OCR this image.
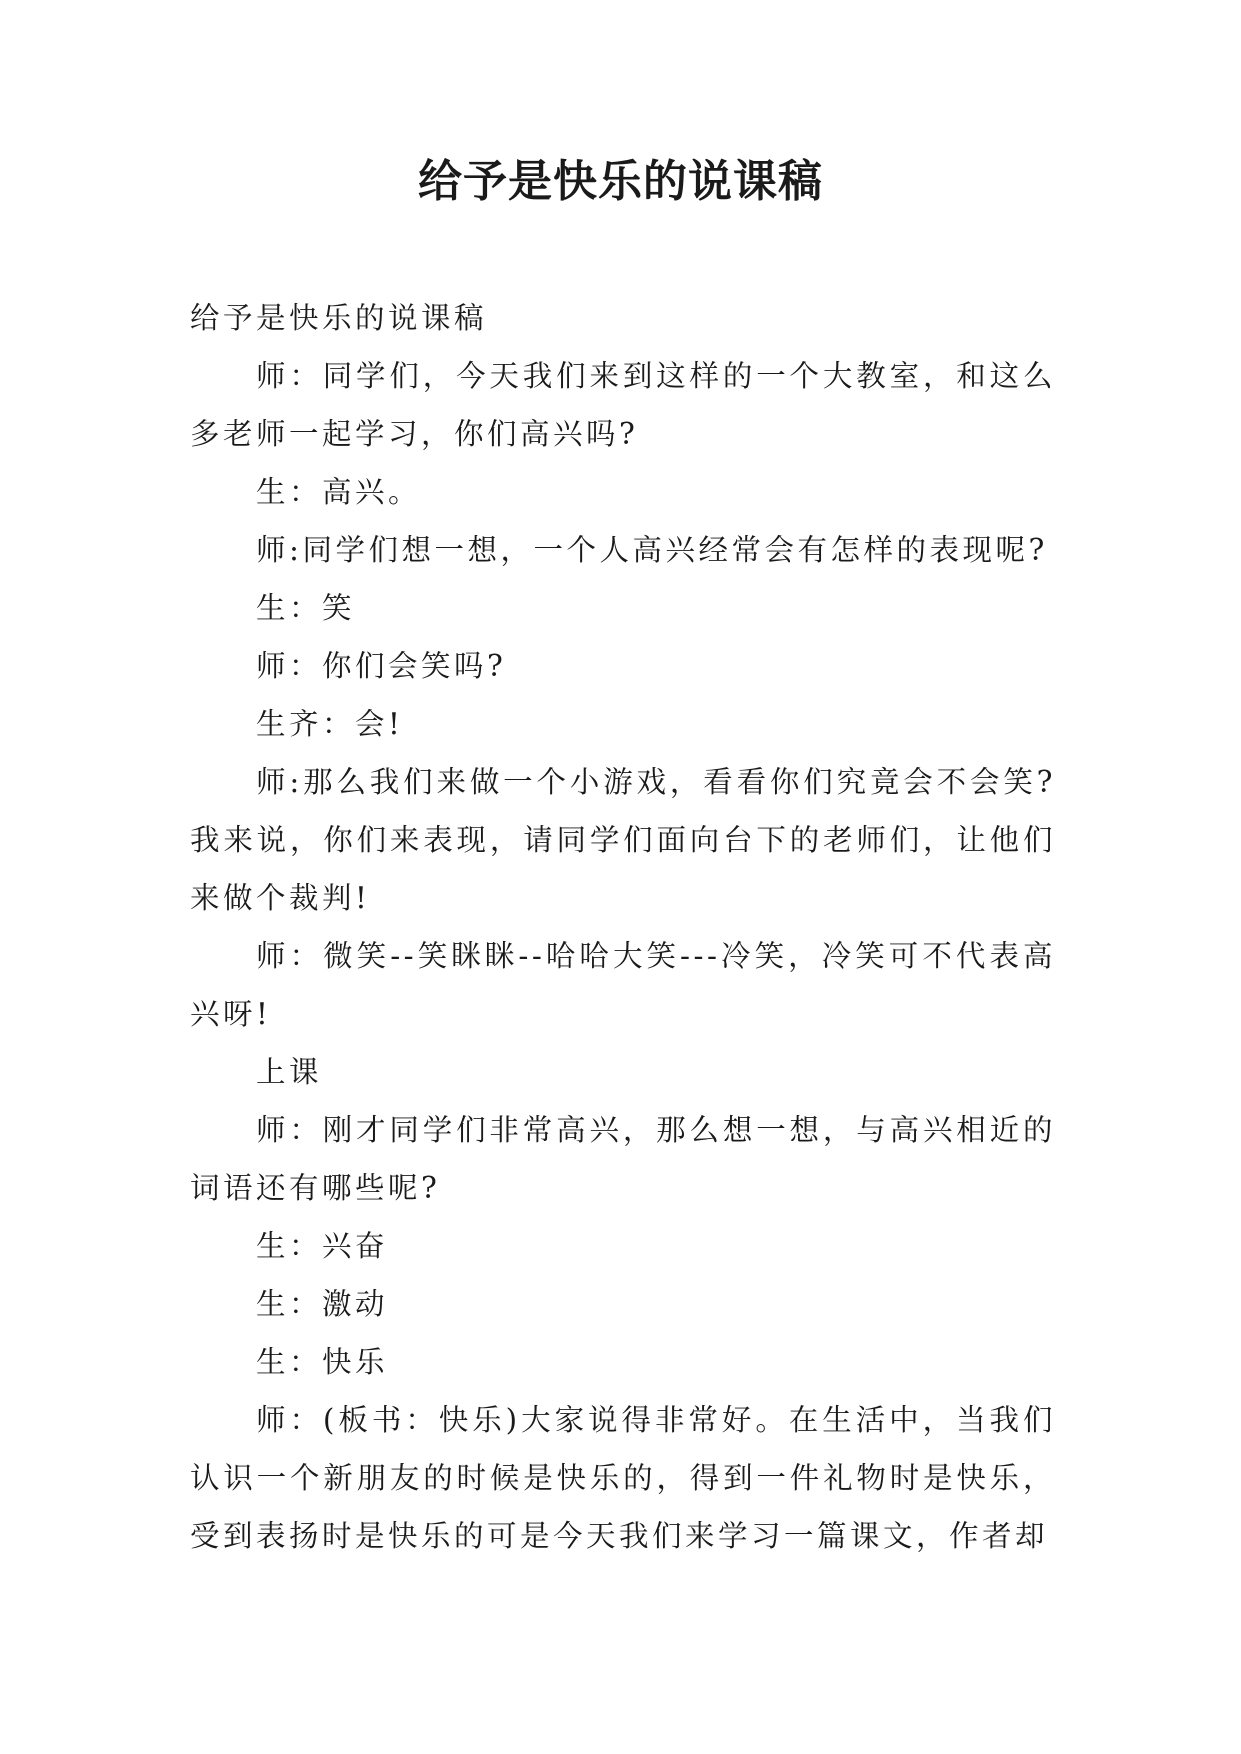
给予是快乐的说课稿

给予是快乐的说课稿

师：同学们，今天我们来到这样的一个大教室，和这么多老师一起学习，你们高兴吗?

生：高兴。

师:同学们想一想，一个人高兴经常会有怎样的表现呢?

生：笑

师：你们会笑吗?

生齐：会!

师:那么我们来做一个小游戏，看看你们究竟会不会笑?我来说，你们来表现，请同学们面向台下的老师们，让他们来做个裁判!

师：微笑--笑眯眯--哈哈大笑---冷笑，冷笑可不代表高兴呀!

上课

师：刚才同学们非常高兴，那么想一想，与高兴相近的词语还有哪些呢?

生：兴奋

生：激动

生：快乐

师：(板书：快乐)大家说得非常好。在生活中，当我们认识一个新朋友的时候是快乐的，得到一件礼物时是快乐，受到表扬时是快乐的可是今天我们来学习一篇课文，作者却
